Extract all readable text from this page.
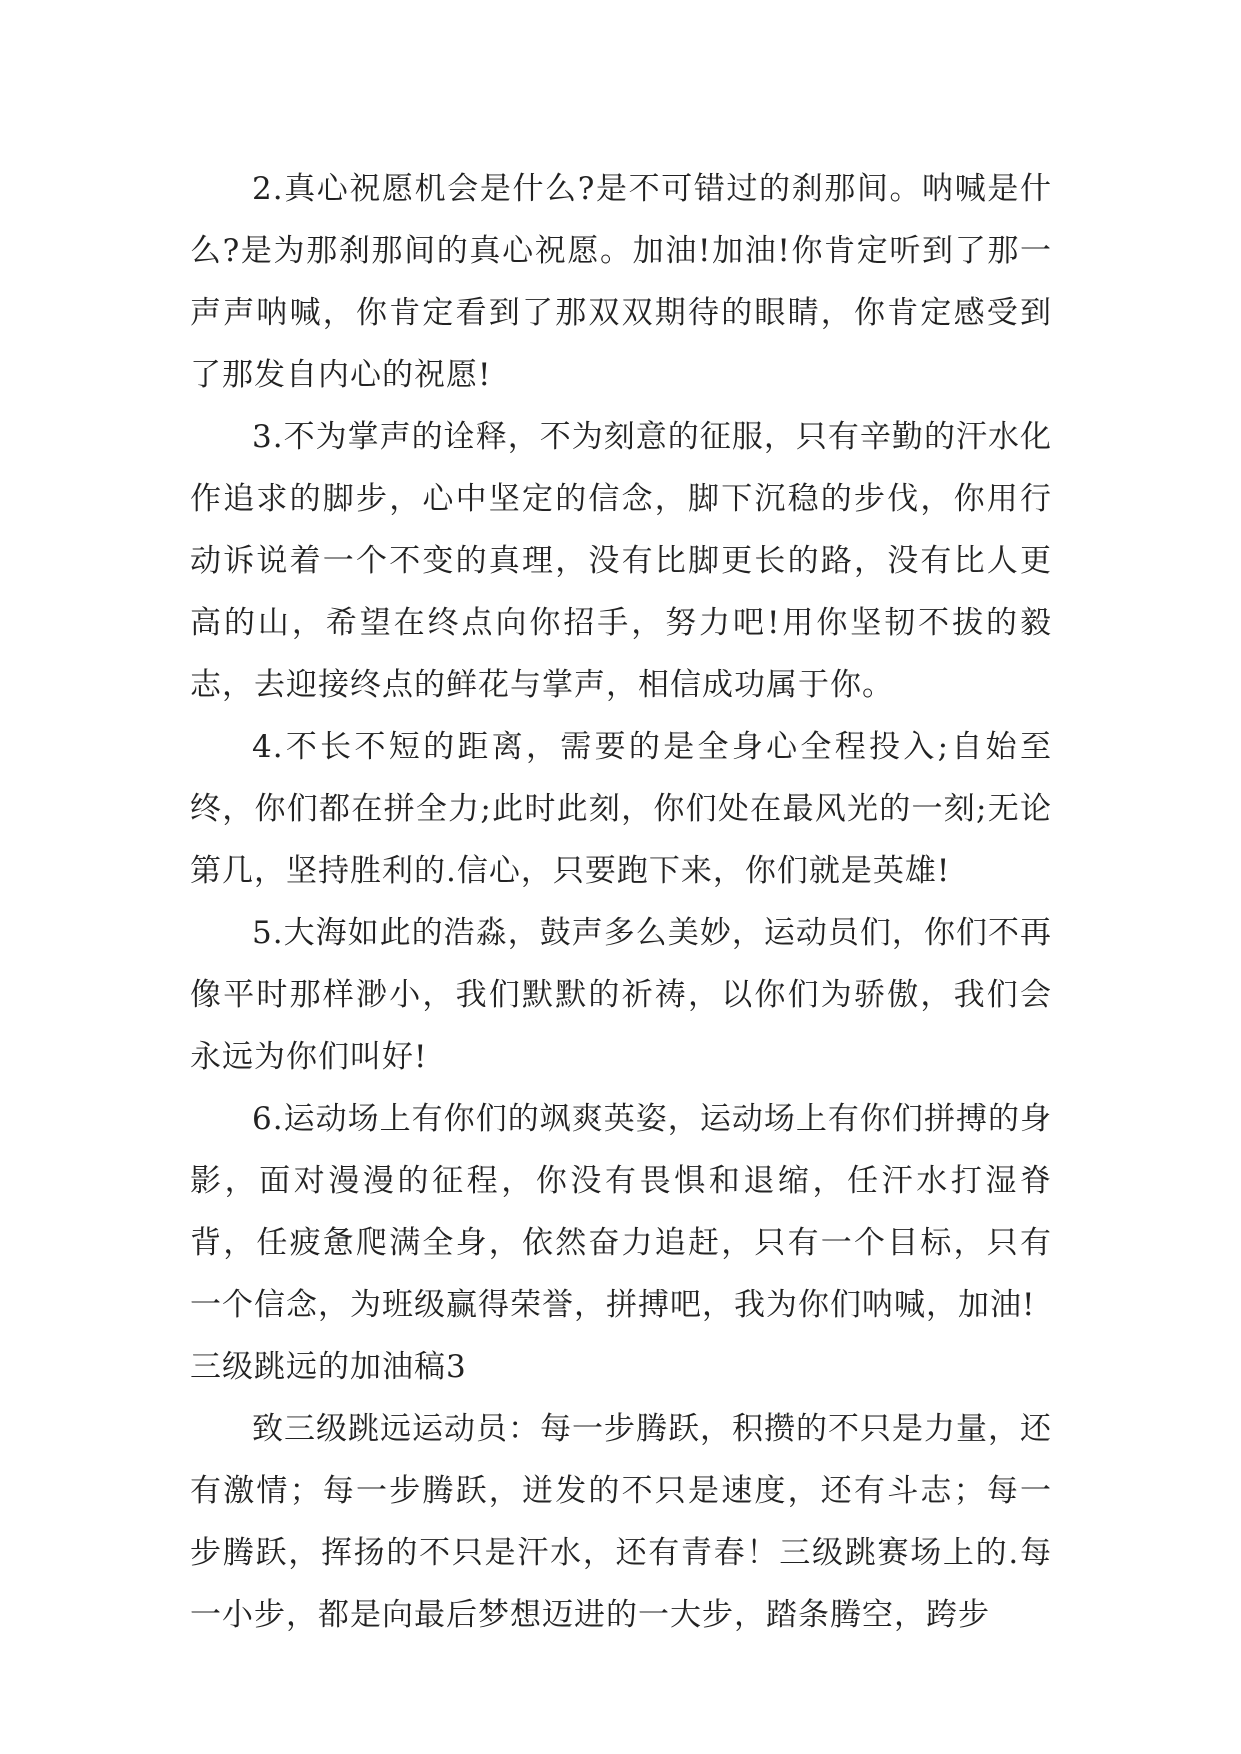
2.真心祝愿机会是什么?是不可错过的刹那间。呐喊是什么?是为那刹那间的真心祝愿。加油!加油!你肯定听到了那一声声呐喊，你肯定看到了那双双期待的眼睛，你肯定感受到了那发自内心的祝愿!

3.不为掌声的诠释，不为刻意的征服，只有辛勤的汗水化作追求的脚步，心中坚定的信念，脚下沉稳的步伐，你用行动诉说着一个不变的真理，没有比脚更长的路，没有比人更高的山，希望在终点向你招手，努力吧!用你坚韧不拔的毅志，去迎接终点的鲜花与掌声，相信成功属于你。

4.不长不短的距离，需要的是全身心全程投入;自始至终，你们都在拼全力;此时此刻，你们处在最风光的一刻;无论第几，坚持胜利的.信心，只要跑下来，你们就是英雄!

5.大海如此的浩淼，鼓声多么美妙，运动员们，你们不再像平时那样渺小，我们默默的祈祷，以你们为骄傲，我们会永远为你们叫好!

6.运动场上有你们的飒爽英姿，运动场上有你们拼搏的身影，面对漫漫的征程，你没有畏惧和退缩，任汗水打湿脊背，任疲惫爬满全身，依然奋力追赶，只有一个目标，只有一个信念，为班级赢得荣誉，拼搏吧，我为你们呐喊，加油!

三级跳远的加油稿3

致三级跳远运动员：每一步腾跃，积攒的不只是力量，还有激情；每一步腾跃，迸发的不只是速度，还有斗志；每一步腾跃，挥扬的不只是汗水，还有青春！三级跳赛场上的.每一小步，都是向最后梦想迈进的一大步，踏条腾空，跨步
